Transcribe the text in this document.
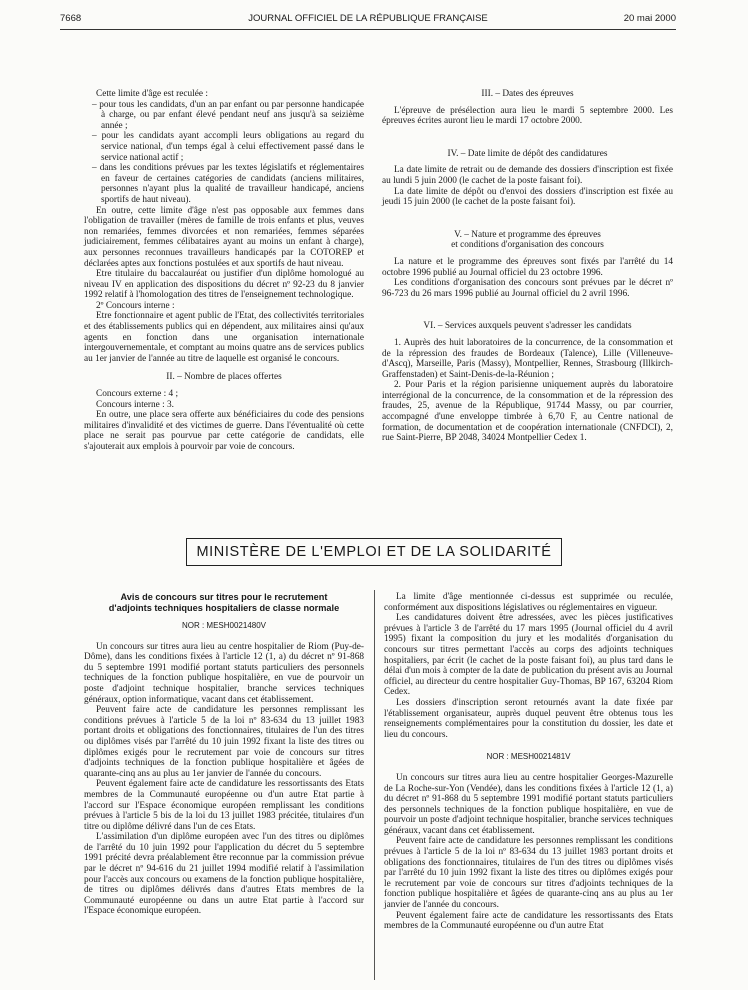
7668	JOURNAL OFFICIEL DE LA RÉPUBLIQUE FRANÇAISE	20 mai 2000

Cette limite d'âge est reculée :

– pour tous les candidats, d'un an par enfant ou par personne handicapée à charge, ou par enfant élevé pendant neuf ans jusqu'à sa seizième année ;

– pour les candidats ayant accompli leurs obligations au regard du service national, d'un temps égal à celui effectivement passé dans le service national actif ;

– dans les conditions prévues par les textes législatifs et réglementaires en faveur de certaines catégories de candidats (anciens militaires, personnes n'ayant plus la qualité de travailleur handicapé, anciens sportifs de haut niveau).

En outre, cette limite d'âge n'est pas opposable aux femmes dans l'obligation de travailler (mères de famille de trois enfants et plus, veuves non remariées, femmes divorcées et non remariées, femmes séparées judiciairement, femmes célibataires ayant au moins un enfant à charge), aux personnes reconnues travailleurs handicapés par la COTOREP et déclarées aptes aux fonctions postulées et aux sportifs de haut niveau.

Etre titulaire du baccalauréat ou justifier d'un diplôme homologué au niveau IV en application des dispositions du décret nº 92-23 du 8 janvier 1992 relatif à l'homologation des titres de l'enseignement technologique.

2º Concours interne :

Etre fonctionnaire et agent public de l'Etat, des collectivités territoriales et des établissements publics qui en dépendent, aux militaires ainsi qu'aux agents en fonction dans une organisation internationale intergouvernementale, et comptant au moins quatre ans de services publics au 1er janvier de l'année au titre de laquelle est organisé le concours.

II. – Nombre de places offertes

Concours externe : 4 ;

Concours interne : 3.

En outre, une place sera offerte aux bénéficiaires du code des pensions militaires d'invalidité et des victimes de guerre. Dans l'éventualité où cette place ne serait pas pourvue par cette catégorie de candidats, elle s'ajouterait aux emplois à pourvoir par voie de concours.

III. – Dates des épreuves

L'épreuve de présélection aura lieu le mardi 5 septembre 2000. Les épreuves écrites auront lieu le mardi 17 octobre 2000.

IV. – Date limite de dépôt des candidatures

La date limite de retrait ou de demande des dossiers d'inscription est fixée au lundi 5 juin 2000 (le cachet de la poste faisant foi).

La date limite de dépôt ou d'envoi des dossiers d'inscription est fixée au jeudi 15 juin 2000 (le cachet de la poste faisant foi).

V. – Nature et programme des épreuves

et conditions d'organisation des concours

La nature et le programme des épreuves sont fixés par l'arrêté du 14 octobre 1996 publié au Journal officiel du 23 octobre 1996.

Les conditions d'organisation des concours sont prévues par le décret nº 96-723 du 26 mars 1996 publié au Journal officiel du 2 avril 1996.

VI. – Services auxquels peuvent s'adresser les candidats

1. Auprès des huit laboratoires de la concurrence, de la consommation et de la répression des fraudes de Bordeaux (Talence), Lille (Villeneuve-d'Ascq), Marseille, Paris (Massy), Montpellier, Rennes, Strasbourg (Illkirch-Graffenstaden) et Saint-Denis-de-la-Réunion ;

2. Pour Paris et la région parisienne uniquement auprès du laboratoire interrégional de la concurrence, de la consommation et de la répression des fraudes, 25, avenue de la République, 91744 Massy, ou par courrier, accompagné d'une enveloppe timbrée à 6,70 F, au Centre national de formation, de documentation et de coopération internationale (CNFDCI), 2, rue Saint-Pierre, BP 2048, 34024 Montpellier Cedex 1.

MINISTÈRE DE L'EMPLOI ET DE LA SOLIDARITÉ

Avis de concours sur titres pour le recrutement

d'adjoints techniques hospitaliers de classe normale

NOR : MESH0021480V

Un concours sur titres aura lieu au centre hospitalier de Riom (Puy-de-Dôme), dans les conditions fixées à l'article 12 (1, a) du décret nº 91-868 du 5 septembre 1991 modifié portant statuts particuliers des personnels techniques de la fonction publique hospitalière, en vue de pourvoir un poste d'adjoint technique hospitalier, branche services techniques généraux, option informatique, vacant dans cet établissement.

Peuvent faire acte de candidature les personnes remplissant les conditions prévues à l'article 5 de la loi nº 83-634 du 13 juillet 1983 portant droits et obligations des fonctionnaires, titulaires de l'un des titres ou diplômes visés par l'arrêté du 10 juin 1992 fixant la liste des titres ou diplômes exigés pour le recrutement par voie de concours sur titres d'adjoints techniques de la fonction publique hospitalière et âgées de quarante-cinq ans au plus au 1er janvier de l'année du concours.

Peuvent également faire acte de candidature les ressortissants des Etats membres de la Communauté européenne ou d'un autre Etat partie à l'accord sur l'Espace économique européen remplissant les conditions prévues à l'article 5 bis de la loi du 13 juillet 1983 précitée, titulaires d'un titre ou diplôme délivré dans l'un de ces Etats.

L'assimilation d'un diplôme européen avec l'un des titres ou diplômes de l'arrêté du 10 juin 1992 pour l'application du décret du 5 septembre 1991 précité devra préalablement être reconnue par la commission prévue par le décret nº 94-616 du 21 juillet 1994 modifié relatif à l'assimilation pour l'accès aux concours ou examens de la fonction publique hospitalière, de titres ou diplômes délivrés dans d'autres Etats membres de la Communauté européenne ou dans un autre Etat partie à l'accord sur l'Espace économique européen.

La limite d'âge mentionnée ci-dessus est supprimée ou reculée, conformément aux dispositions législatives ou réglementaires en vigueur.

Les candidatures doivent être adressées, avec les pièces justificatives prévues à l'article 3 de l'arrêté du 17 mars 1995 (Journal officiel du 4 avril 1995) fixant la composition du jury et les modalités d'organisation du concours sur titres permettant l'accès au corps des adjoints techniques hospitaliers, par écrit (le cachet de la poste faisant foi), au plus tard dans le délai d'un mois à compter de la date de publication du présent avis au Journal officiel, au directeur du centre hospitalier Guy-Thomas, BP 167, 63204 Riom Cedex.

Les dossiers d'inscription seront retournés avant la date fixée par l'établissement organisateur, auprès duquel peuvent être obtenus tous les renseignements complémentaires pour la constitution du dossier, les date et lieu du concours.

NOR : MESH0021481V

Un concours sur titres aura lieu au centre hospitalier Georges-Mazurelle de La Roche-sur-Yon (Vendée), dans les conditions fixées à l'article 12 (1, a) du décret nº 91-868 du 5 septembre 1991 modifié portant statuts particuliers des personnels techniques de la fonction publique hospitalière, en vue de pourvoir un poste d'adjoint technique hospitalier, branche services techniques généraux, vacant dans cet établissement.

Peuvent faire acte de candidature les personnes remplissant les conditions prévues à l'article 5 de la loi nº 83-634 du 13 juillet 1983 portant droits et obligations des fonctionnaires, titulaires de l'un des titres ou diplômes visés par l'arrêté du 10 juin 1992 fixant la liste des titres ou diplômes exigés pour le recrutement par voie de concours sur titres d'adjoints techniques de la fonction publique hospitalière et âgées de quarante-cinq ans au plus au 1er janvier de l'année du concours.

Peuvent également faire acte de candidature les ressortissants des Etats membres de la Communauté européenne ou d'un autre Etat
